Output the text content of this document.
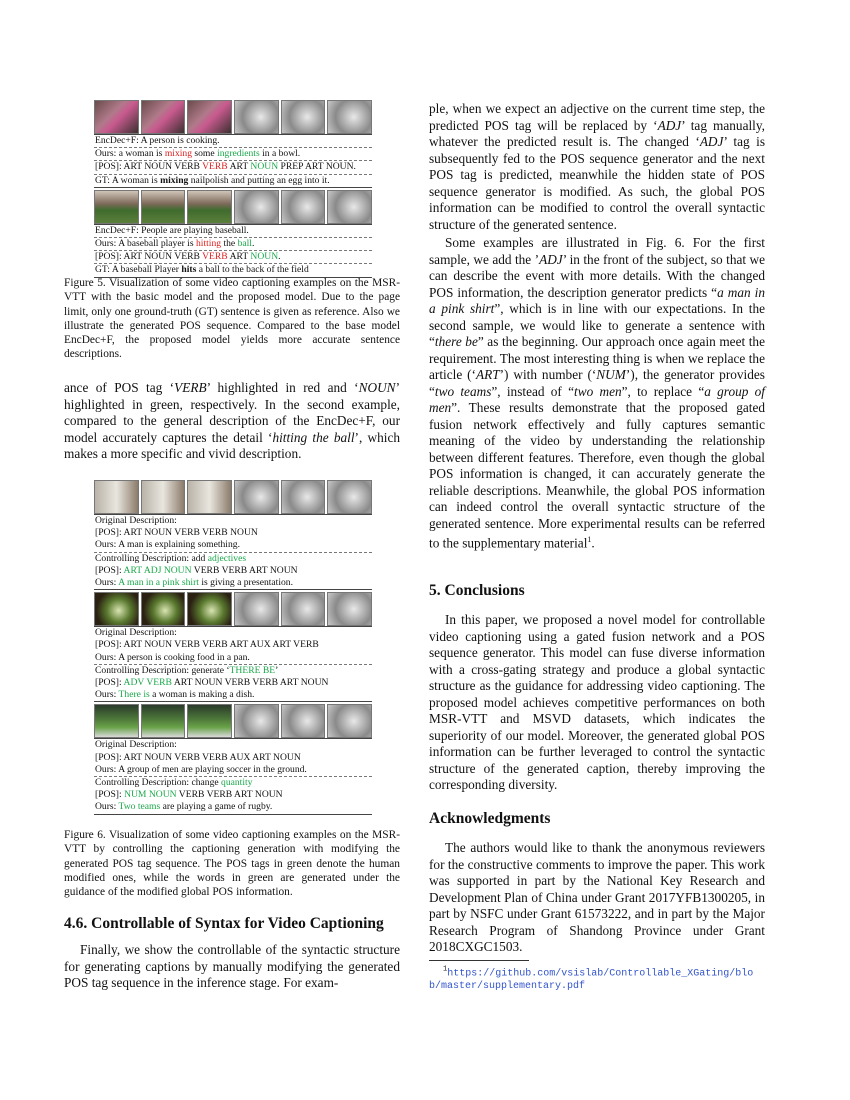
EncDec+F: A person is cooking.
Ours: a woman is mixing some ingredients in a bowl.
[POS]: ART NOUN VERB VERB ART NOUN PREP ART NOUN.
GT: A woman is mixing nailpolish and putting an egg into it.
EncDec+F: People are playing baseball.
Ours: A baseball player is hitting the ball.
[POS]: ART NOUN VERB VERB ART NOUN.
GT: A baseball Player hits a ball to the back of the field

Figure 5. Visualization of some video captioning examples on the MSR-VTT with the basic model and the proposed model. Due to the page limit, only one ground-truth (GT) sentence is given as reference. Also we illustrate the generated POS sequence. Compared to the base model EncDec+F, the proposed model yields more accurate sentence descriptions.

ance of POS tag ‘VERB’ highlighted in red and ‘NOUN’ highlighted in green, respectively. In the second example, compared to the general description of the EncDec+F, our model accurately captures the detail ‘hitting the ball’, which makes a more specific and vivid description.

Original Description:
[POS]: ART NOUN VERB VERB NOUN
Ours: A man is explaining something.
Controlling Description: add adjectives
[POS]: ART ADJ NOUN VERB VERB ART NOUN
Ours: A man in a pink shirt is giving a presentation.
Original Description:
[POS]: ART NOUN VERB VERB ART AUX ART VERB
Ours: A person is cooking food in a pan.
Controlling Description: generate ‘THERE BE’
[POS]: ADV VERB ART NOUN VERB VERB ART NOUN
Ours: There is a woman is making a dish.
Original Description:
[POS]: ART NOUN VERB VERB AUX ART NOUN
Ours: A group of men are playing soccer in the ground.
Controlling Description: change quantity
[POS]: NUM NOUN VERB VERB ART NOUN
Ours: Two teams are playing a game of rugby.

Figure 6. Visualization of some video captioning examples on the MSR-VTT by controlling the captioning generation with modifying the generated POS tag sequence. The POS tags in green denote the human modified ones, while the words in green are generated under the guidance of the modified global POS information.

4.6. Controllable of Syntax for Video Captioning

Finally, we show the controllable of the syntactic structure for generating captions by manually modifying the generated POS tag sequence in the inference stage. For exam-

ple, when we expect an adjective on the current time step, the predicted POS tag will be replaced by ‘ADJ’ tag manually, whatever the predicted result is. The changed ‘ADJ’ tag is subsequently fed to the POS sequence generator and the next POS tag is predicted, meanwhile the hidden state of POS sequence generator is modified. As such, the global POS information can be modified to control the overall syntactic structure of the generated sentence.

Some examples are illustrated in Fig. 6. For the first sample, we add the ’ADJ’ in the front of the subject, so that we can describe the event with more details. With the changed POS information, the description generator predicts “a man in a pink shirt”, which is in line with our expectations. In the second sample, we would like to generate a sentence with “there be” as the beginning. Our approach once again meet the requirement. The most interesting thing is when we replace the article (‘ART’) with number (‘NUM’), the generator provides “two teams”, instead of “two men”, to replace “a group of men”. These results demonstrate that the proposed gated fusion network effectively and fully captures semantic meaning of the video by understanding the relationship between different features. Therefore, even though the global POS information is changed, it can accurately generate the reliable descriptions. Meanwhile, the global POS information can indeed control the overall syntactic structure of the generated sentence. More experimental results can be referred to the supplementary material$^1$.

5. Conclusions

In this paper, we proposed a novel model for controllable video captioning using a gated fusion network and a POS sequence generator. This model can fuse diverse information with a cross-gating strategy and produce a global syntactic structure as the guidance for addressing video captioning. The proposed model achieves competitive performances on both MSR-VTT and MSVD datasets, which indicates the superiority of our model. Moreover, the generated global POS information can be further leveraged to control the syntactic structure of the generated caption, thereby improving the corresponding diversity.

Acknowledgments

The authors would like to thank the anonymous reviewers for the constructive comments to improve the paper. This work was supported in part by the National Key Research and Development Plan of China under Grant 2017YFB1300205, in part by NSFC under Grant 61573222, and in part by the Major Research Program of Shandong Province under Grant 2018CXGC1503.

$^1$https://github.com/vsislab/Controllable_XGating/blob/master/supplementary.pdf
